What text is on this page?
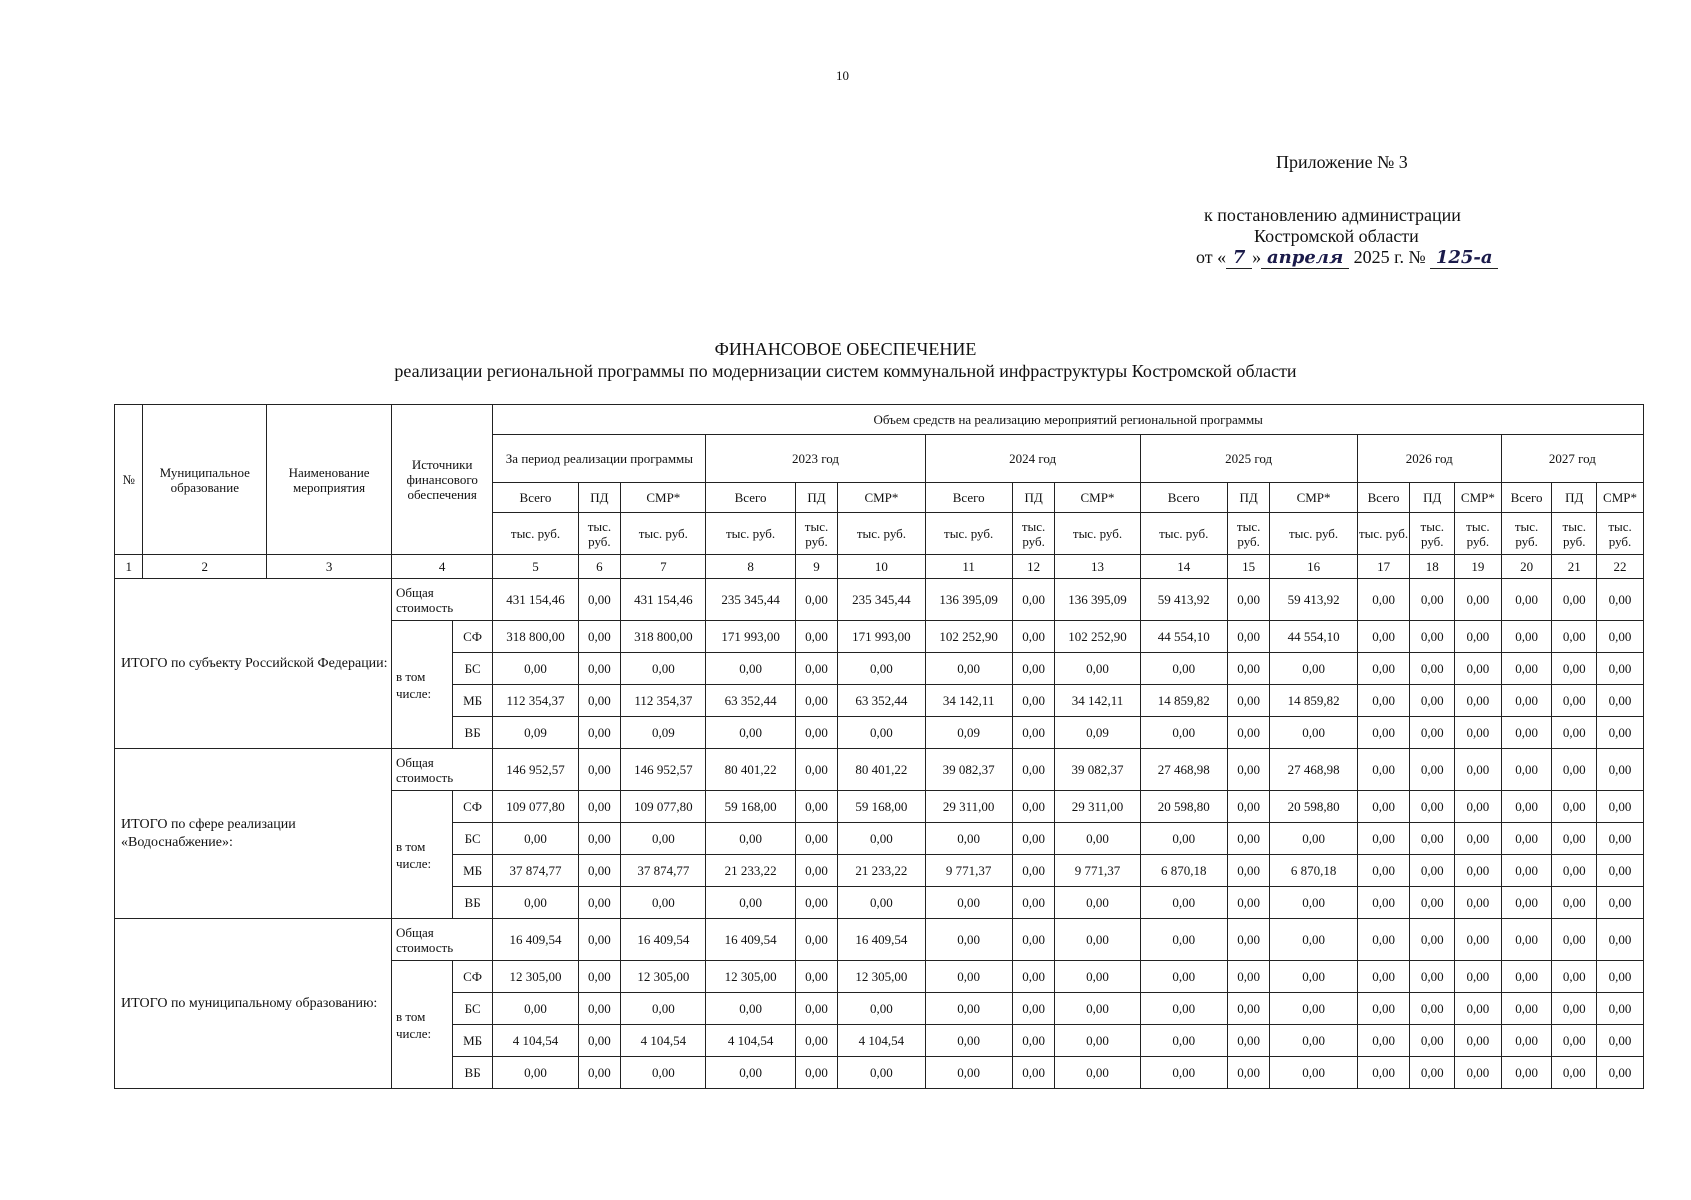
10
Приложение № 3
к постановлению администрации
Костромской области
от « 7 » апреля 2025 г. № 125-а
ФИНАНСОВОЕ ОБЕСПЕЧЕНИЕ
реализации региональной программы по модернизации систем коммунальной инфраструктуры Костромской области
№	Муниципальное образование	Наименование мероприятия	Источники финансового обеспечения		Объем средств на реализацию мероприятий региональной программы																	
					За период реализации программы			2023 год			2024 год			2025 год			2026 год			2027 год		
					Всего	ПД	СМР*	Всего	ПД	СМР*	Всего	ПД	СМР*	Всего	ПД	СМР*	Всего	ПД	СМР*	Всего	ПД	СМР*
					тыс. руб.	тыс. руб.	тыс. руб.	тыс. руб.	тыс. руб.	тыс. руб.	тыс. руб.	тыс. руб.	тыс. руб.	тыс. руб.	тыс. руб.	тыс. руб.	тыс. руб.	тыс. руб.	тыс. руб.	тыс. руб.	тыс. руб.	тыс. руб.
1	2	3	4		5	6	7	8	9	10	11	12	13	14	15	16	17	18	19	20	21	22
ИТОГО по субъекту Российской Федерации:			Общая стоимость		431 154,46	0,00	431 154,46	235 345,44	0,00	235 345,44	136 395,09	0,00	136 395,09	59 413,92	0,00	59 413,92	0,00	0,00	0,00	0,00	0,00	0,00
			в том числе:	СФ	318 800,00	0,00	318 800,00	171 993,00	0,00	171 993,00	102 252,90	0,00	102 252,90	44 554,10	0,00	44 554,10	0,00	0,00	0,00	0,00	0,00	0,00
				БС	0,00	0,00	0,00	0,00	0,00	0,00	0,00	0,00	0,00	0,00	0,00	0,00	0,00	0,00	0,00	0,00	0,00	0,00
				МБ	112 354,37	0,00	112 354,37	63 352,44	0,00	63 352,44	34 142,11	0,00	34 142,11	14 859,82	0,00	14 859,82	0,00	0,00	0,00	0,00	0,00	0,00
				ВБ	0,09	0,00	0,09	0,00	0,00	0,00	0,09	0,00	0,09	0,00	0,00	0,00	0,00	0,00	0,00	0,00	0,00	0,00
ИТОГО по сфере реализации «Водоснабжение»:			Общая стоимость		146 952,57	0,00	146 952,57	80 401,22	0,00	80 401,22	39 082,37	0,00	39 082,37	27 468,98	0,00	27 468,98	0,00	0,00	0,00	0,00	0,00	0,00
			в том числе:	СФ	109 077,80	0,00	109 077,80	59 168,00	0,00	59 168,00	29 311,00	0,00	29 311,00	20 598,80	0,00	20 598,80	0,00	0,00	0,00	0,00	0,00	0,00
				БС	0,00	0,00	0,00	0,00	0,00	0,00	0,00	0,00	0,00	0,00	0,00	0,00	0,00	0,00	0,00	0,00	0,00	0,00
				МБ	37 874,77	0,00	37 874,77	21 233,22	0,00	21 233,22	9 771,37	0,00	9 771,37	6 870,18	0,00	6 870,18	0,00	0,00	0,00	0,00	0,00	0,00
				ВБ	0,00	0,00	0,00	0,00	0,00	0,00	0,00	0,00	0,00	0,00	0,00	0,00	0,00	0,00	0,00	0,00	0,00	0,00
ИТОГО по муниципальному образованию:			Общая стоимость		16 409,54	0,00	16 409,54	16 409,54	0,00	16 409,54	0,00	0,00	0,00	0,00	0,00	0,00	0,00	0,00	0,00	0,00	0,00	0,00
			в том числе:	СФ	12 305,00	0,00	12 305,00	12 305,00	0,00	12 305,00	0,00	0,00	0,00	0,00	0,00	0,00	0,00	0,00	0,00	0,00	0,00	0,00
				БС	0,00	0,00	0,00	0,00	0,00	0,00	0,00	0,00	0,00	0,00	0,00	0,00	0,00	0,00	0,00	0,00	0,00	0,00
				МБ	4 104,54	0,00	4 104,54	4 104,54	0,00	4 104,54	0,00	0,00	0,00	0,00	0,00	0,00	0,00	0,00	0,00	0,00	0,00	0,00
				ВБ	0,00	0,00	0,00	0,00	0,00	0,00	0,00	0,00	0,00	0,00	0,00	0,00	0,00	0,00	0,00	0,00	0,00	0,00
